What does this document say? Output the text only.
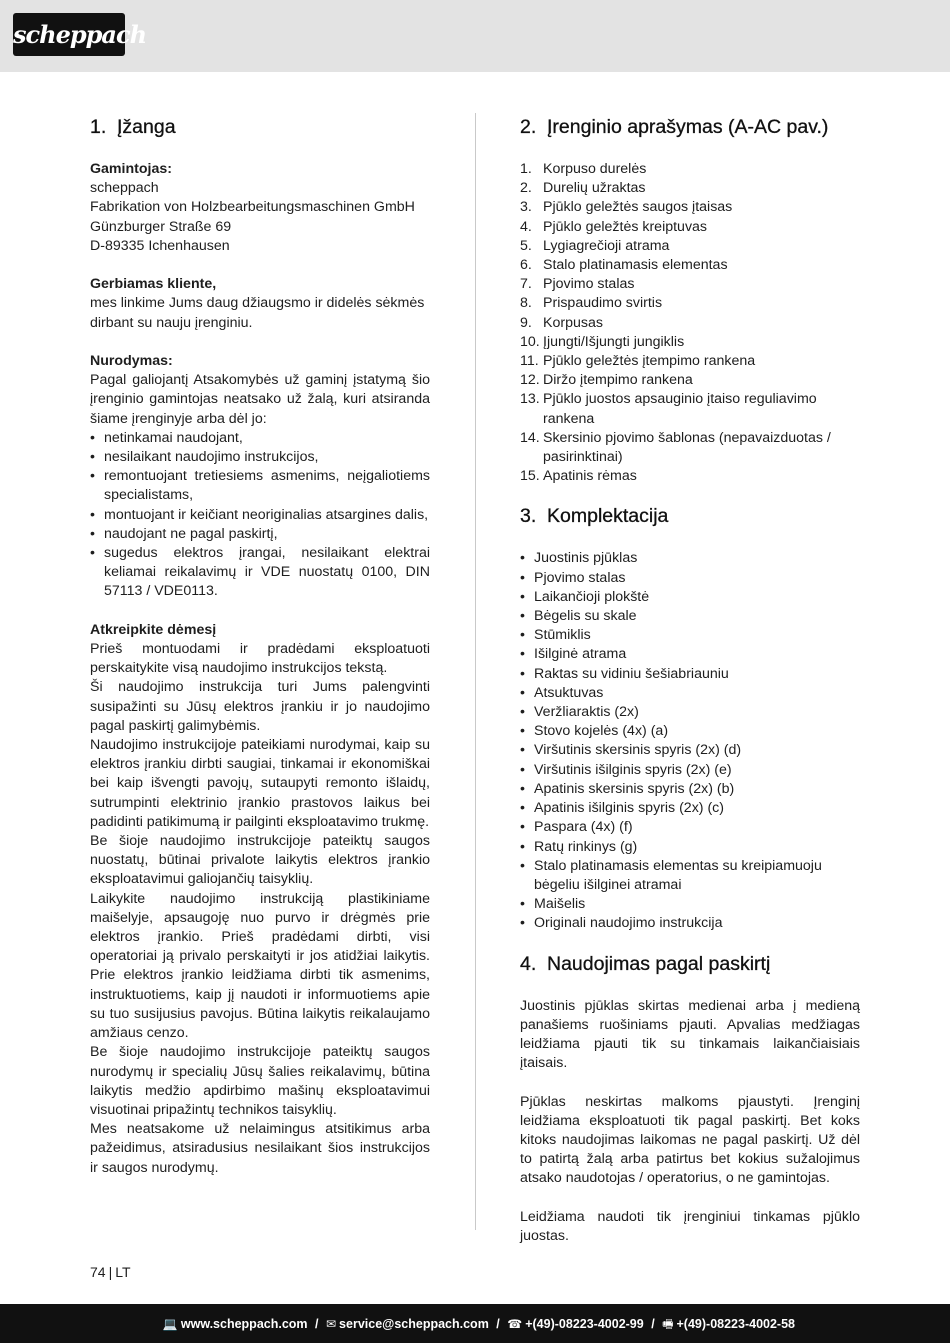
scheppach
1. Įžanga
Gamintojas:
scheppach
Fabrikation von Holzbearbeitungsmaschinen GmbH
Günzburger Straße 69
D-89335 Ichenhausen
Gerbiamas kliente,

mes linkime Jums daug džiaugsmo ir didelės sėkmės dirbant su nauju įrenginiu.

Nurodymas:

Pagal galiojantį Atsakomybės už gaminį įstatymą šio įrenginio gamintojas neatsako už žalą, kuri atsiranda šiame įrenginyje arba dėl jo:

• netinkamai naudojant,
• nesilaikant naudojimo instrukcijos,
• remontuojant tretiesiems asmenims, neįgaliotiems specialistams,
• montuojant ir keičiant neoriginalias atsargines dalis,
• naudojant ne pagal paskirtį,
• sugedus elektros įrangai, nesilaikant elektrai keliamai reikalavimų ir VDE nuostatų 0100, DIN 57113 / VDE0113.
Atkreipkite dėmesį

Prieš montuodami ir pradėdami eksploatuoti perskaitykite visą naudojimo instrukcijos tekstą.

Ši naudojimo instrukcija turi Jums palengvinti susipažinti su Jūsų elektros įrankiu ir jo naudojimo pagal paskirtį galimybėmis.

Naudojimo instrukcijoje pateikiami nurodymai, kaip su elektros įrankiu dirbti saugiai, tinkamai ir ekonomiškai bei kaip išvengti pavojų, sutaupyti remonto išlaidų, sutrumpinti elektrinio įrankio prastovos laikus bei padidinti patikimumą ir pailginti eksploatavimo trukmę.

Be šioje naudojimo instrukcijoje pateiktų saugos nuostatų, būtinai privalote laikytis elektros įrankio eksploatavimui galiojančių taisyklių.

Laikykite naudojimo instrukciją plastikiniame maišelyje, apsaugoję nuo purvo ir drėgmės prie elektros įrankio. Prieš pradėdami dirbti, visi operatoriai ją privalo perskaityti ir jos atidžiai laikytis. Prie elektros įrankio leidžiama dirbti tik asmenims, instruktuotiems, kaip jį naudoti ir informuotiems apie su tuo susijusius pavojus. Būtina laikytis reikalaujamo amžiaus cenzo.

Be šioje naudojimo instrukcijoje pateiktų saugos nurodymų ir specialių Jūsų šalies reikalavimų, būtina laikytis medžio apdirbimo mašinų eksploatavimui visuotinai pripažintų technikos taisyklių.

Mes neatsakome už nelaimingus atsitikimus arba pažeidimus, atsiradusius nesilaikant šios instrukcijos ir saugos nurodymų.

2. Įrenginio aprašymas (A-AC pav.)
1. Korpuso durelės
2. Durelių užraktas
3. Pjūklo geležtės saugos įtaisas
4. Pjūklo geležtės kreiptuvas
5. Lygiagrečioji atrama
6. Stalo platinamasis elementas
7. Pjovimo stalas
8. Prispaudimo svirtis
9. Korpusas
10. Įjungti/Išjungti jungiklis
11. Pjūklo geležtės įtempimo rankena
12. Diržo įtempimo rankena
13. Pjūklo juostos apsauginio įtaiso reguliavimo rankena
14. Skersinio pjovimo šablonas (nepavaizduotas / pasirinktinai)
15. Apatinis rėmas
3. Komplektacija
• Juostinis pjūklas
• Pjovimo stalas
• Laikančioji plokštė
• Bėgelis su skale
• Stūmiklis
• Išilginė atrama
• Raktas su vidiniu šešiabriauniu
• Atsuktuvas
• Veržliaraktis (2x)
• Stovo kojelės (4x) (a)
• Viršutinis skersinis spyris (2x) (d)
• Viršutinis išilginis spyris (2x) (e)
• Apatinis skersinis spyris (2x) (b)
• Apatinis išilginis spyris (2x) (c)
• Paspara (4x) (f)
• Ratų rinkinys (g)
• Stalo platinamasis elementas su kreipiamuoju bėgeliu išilginei atramai
• Maišelis
• Originali naudojimo instrukcija
4. Naudojimas pagal paskirtį

Juostinis pjūklas skirtas medienai arba į medieną panašiems ruošiniams pjauti. Apvalias medžiagas leidžiama pjauti tik su tinkamais laikančiaisiais įtaisais.

Pjūklas neskirtas malkoms pjaustyti. Įrenginį leidžiama eksploatuoti tik pagal paskirtį. Bet koks kitoks naudojimas laikomas ne pagal paskirtį. Už dėl to patirtą žalą arba patirtus bet kokius sužalojimus atsako naudotojas / operatorius, o ne gamintojas.

Leidžiama naudoti tik įrenginiui tinkamas pjūklo juostas.

74 | LT
💻 www.scheppach.com / ✉ service@scheppach.com / ☎ +(49)-08223-4002-99 / 🖷 +(49)-08223-4002-58
